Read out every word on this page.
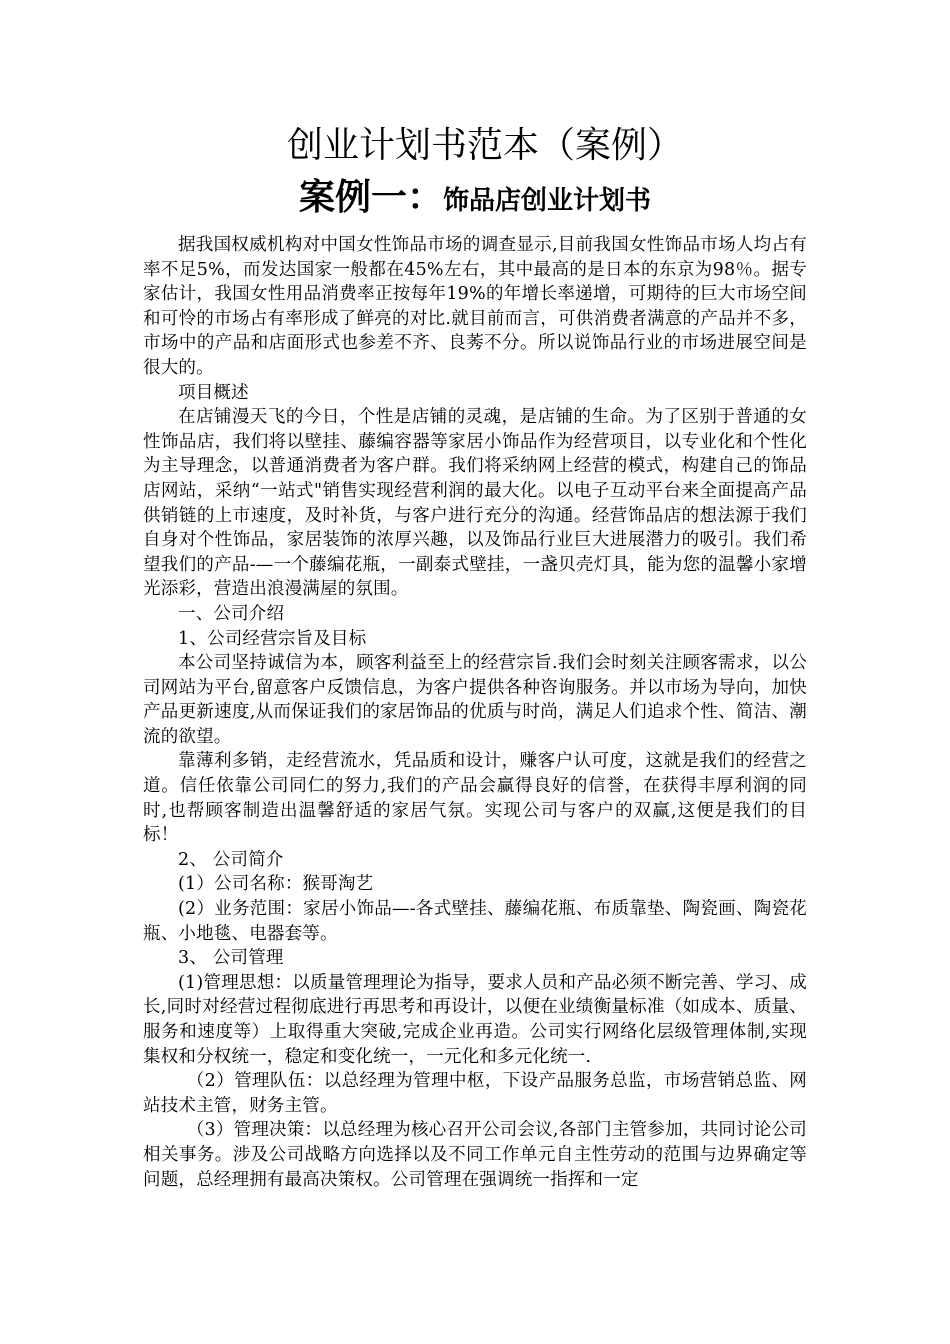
创业计划书范本（案例）
案例一：饰品店创业计划书

据我国权威机构对中国女性饰品市场的调查显示,目前我国女性饰品市场人均占有率不足5%，而发达国家一般都在45%左右，其中最高的是日本的东京为98％。据专家估计，我国女性用品消费率正按每年19%的年增长率递增，可期待的巨大市场空间和可怜的市场占有率形成了鲜亮的对比.就目前而言，可供消费者满意的产品并不多，市场中的产品和店面形式也参差不齐、良莠不分。所以说饰品行业的市场进展空间是很大的。

项目概述

在店铺漫天飞的今日，个性是店铺的灵魂，是店铺的生命。为了区别于普通的女性饰品店，我们将以壁挂、藤编容器等家居小饰品作为经营项目，以专业化和个性化为主导理念，以普通消费者为客户群。我们将采纳网上经营的模式，构建自己的饰品店网站，采纳“一站式"销售实现经营利润的最大化。以电子互动平台来全面提高产品供销链的上市速度，及时补货，与客户进行充分的沟通。经营饰品店的想法源于我们自身对个性饰品，家居装饰的浓厚兴趣，以及饰品行业巨大进展潜力的吸引。我们希望我们的产品-—一个藤编花瓶，一副泰式壁挂，一盏贝壳灯具，能为您的温馨小家增光添彩，营造出浪漫满屋的氛围。

一、公司介绍

1、公司经营宗旨及目标

本公司坚持诚信为本，顾客利益至上的经营宗旨.我们会时刻关注顾客需求，以公司网站为平台,留意客户反馈信息，为客户提供各种咨询服务。并以市场为导向，加快产品更新速度,从而保证我们的家居饰品的优质与时尚，满足人们追求个性、简洁、潮流的欲望。

靠薄利多销，走经营流水，凭品质和设计，赚客户认可度，这就是我们的经营之道。信任依靠公司同仁的努力,我们的产品会赢得良好的信誉，在获得丰厚利润的同时,也帮顾客制造出温馨舒适的家居气氛。实现公司与客户的双赢,这便是我们的目标！

2、 公司简介

(1）公司名称：猴哥淘艺

(2）业务范围：家居小饰品—-各式壁挂、藤编花瓶、布质靠垫、陶瓷画、陶瓷花瓶、小地毯、电器套等。

3、 公司管理

(1)管理思想：以质量管理理论为指导，要求人员和产品必须不断完善、学习、成长,同时对经营过程彻底进行再思考和再设计，以便在业绩衡量标准（如成本、质量、服务和速度等）上取得重大突破,完成企业再造。公司实行网络化层级管理体制,实现集权和分权统一，稳定和变化统一，一元化和多元化统一.

（2）管理队伍：以总经理为管理中枢，下设产品服务总监，市场营销总监、网站技术主管，财务主管。

（3）管理决策：以总经理为核心召开公司会议,各部门主管参加，共同讨论公司相关事务。涉及公司战略方向选择以及不同工作单元自主性劳动的范围与边界确定等问题，总经理拥有最高决策权。公司管理在强调统一指挥和一定
